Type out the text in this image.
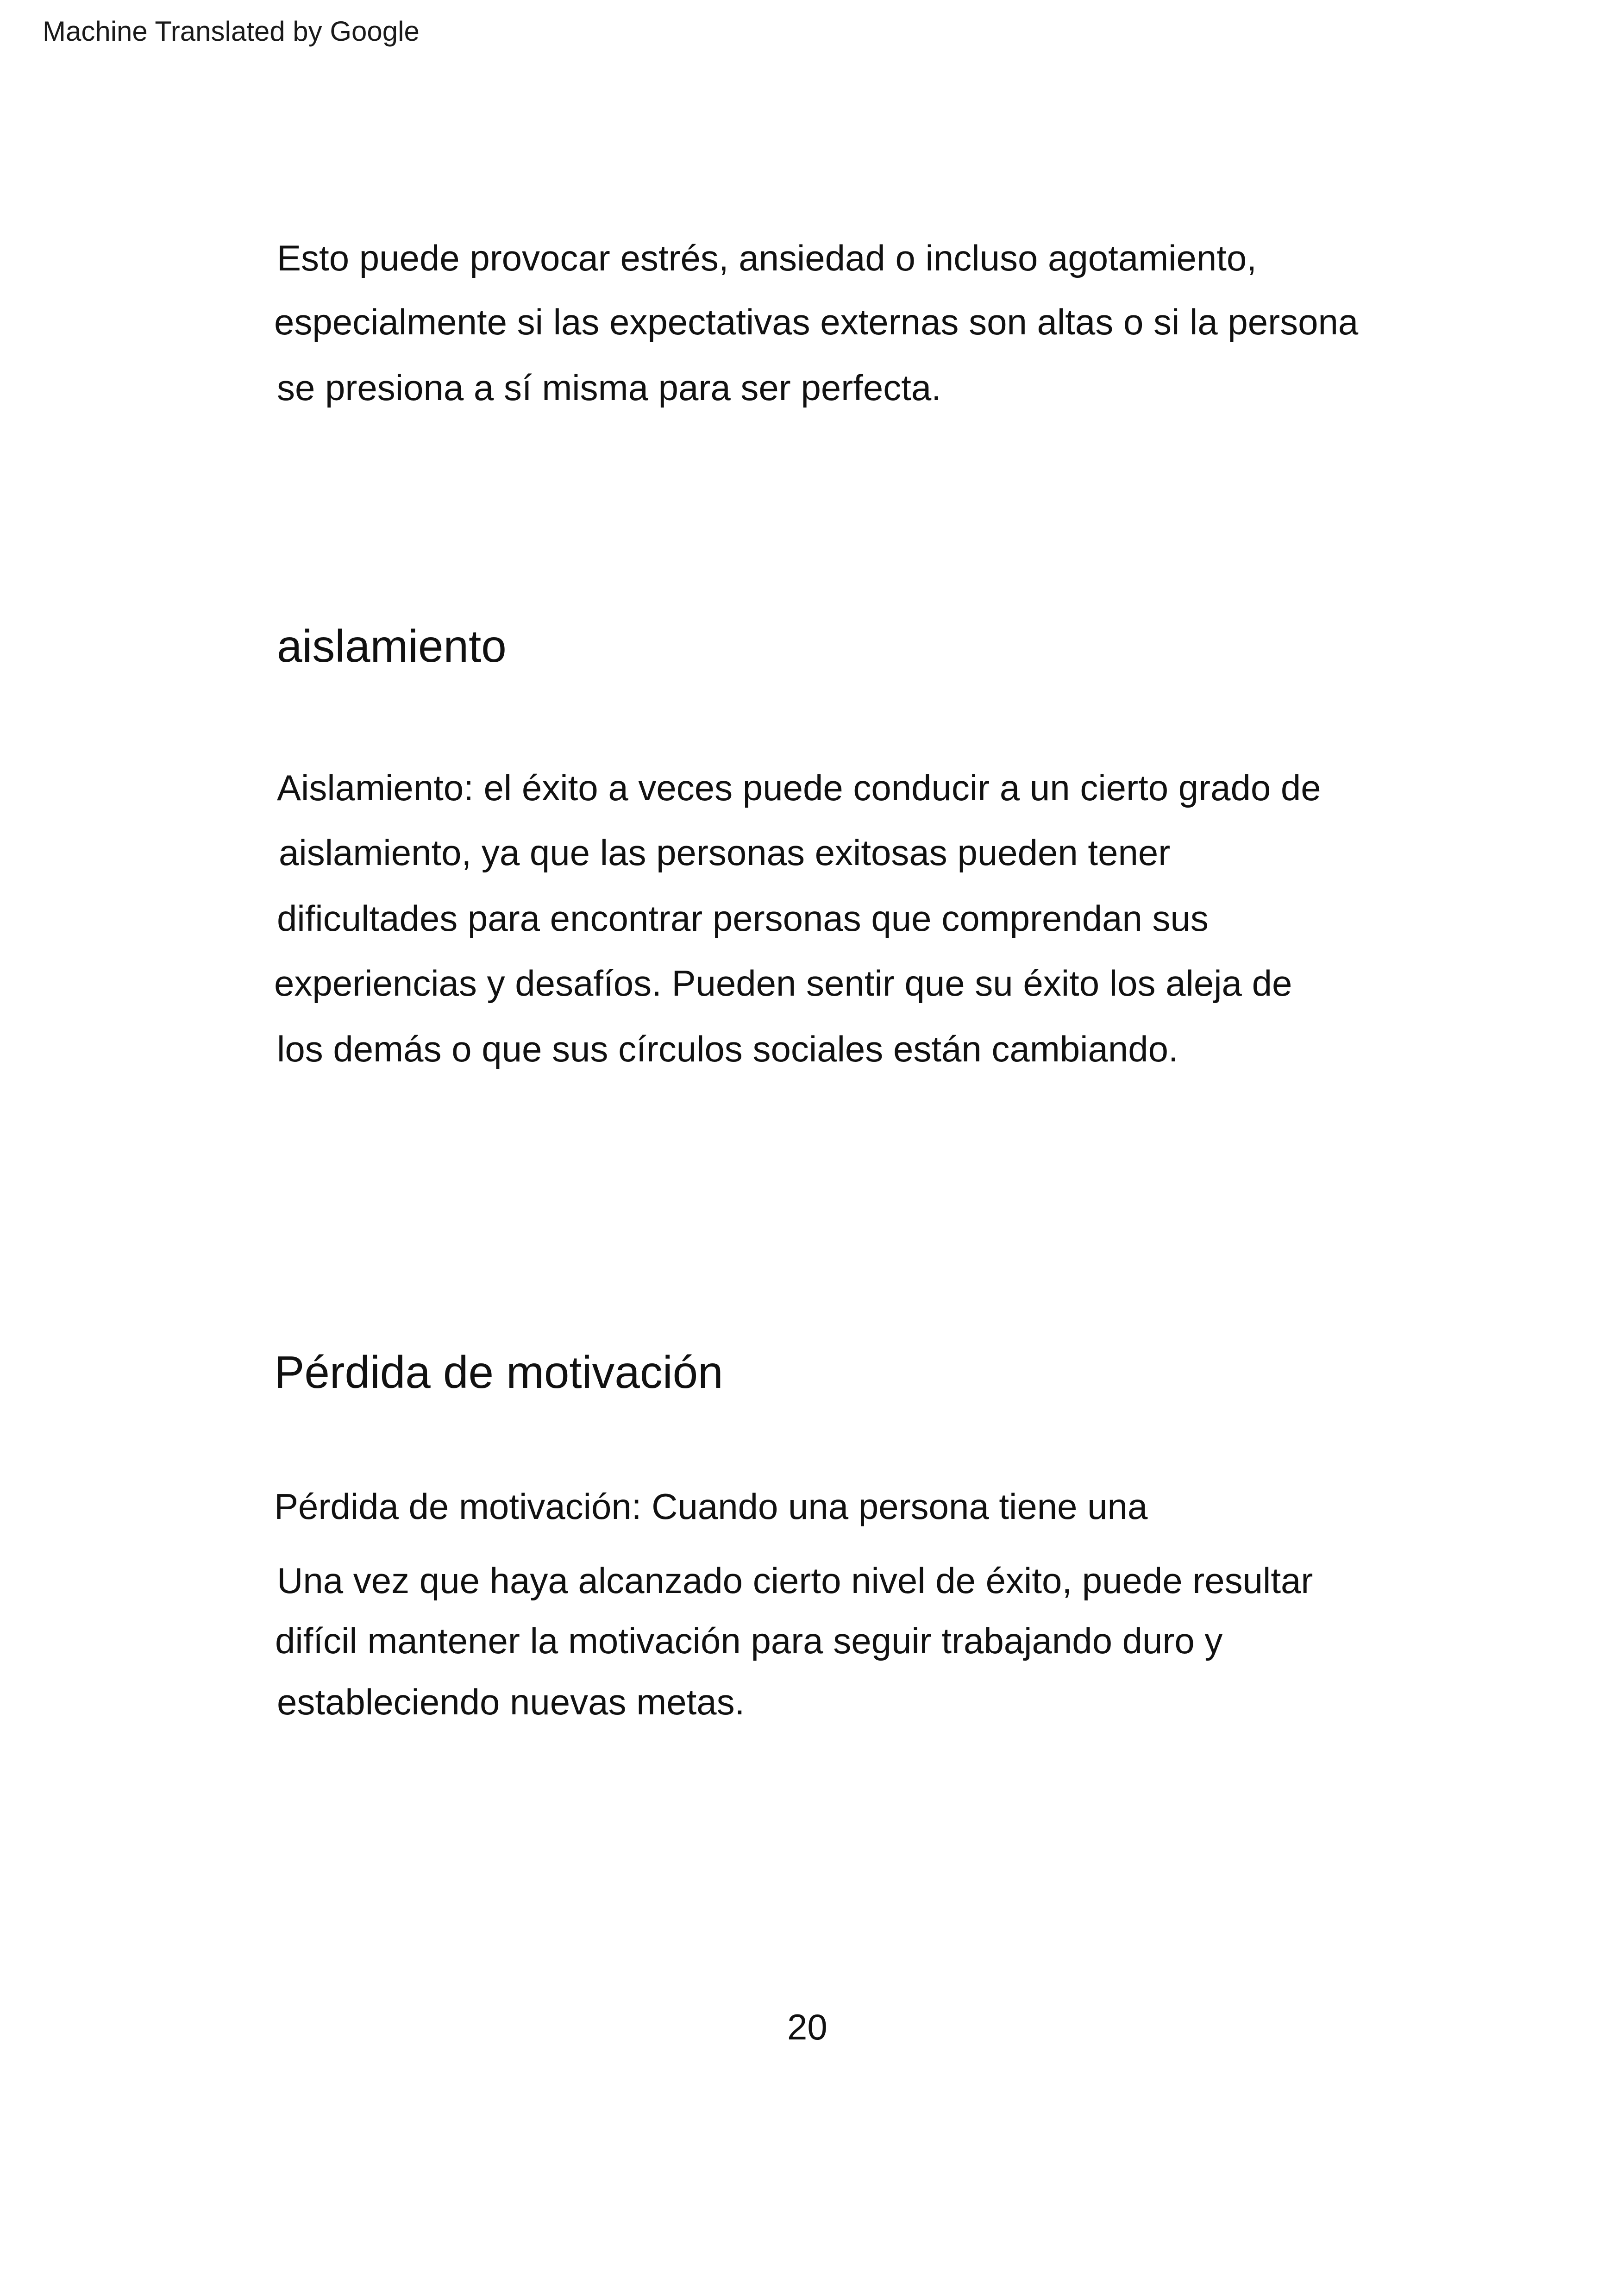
Machine Translated by Google
Esto puede provocar estrés, ansiedad o incluso agotamiento,
especialmente si las expectativas externas son altas o si la persona
se presiona a sí misma para ser perfecta.
aislamiento
Aislamiento: el éxito a veces puede conducir a un cierto grado de
aislamiento, ya que las personas exitosas pueden tener
dificultades para encontrar personas que comprendan sus
experiencias y desafíos. Pueden sentir que su éxito los aleja de
los demás o que sus círculos sociales están cambiando.
Pérdida de motivación
Pérdida de motivación: Cuando una persona tiene una
Una vez que haya alcanzado cierto nivel de éxito, puede resultar
difícil mantener la motivación para seguir trabajando duro y
estableciendo nuevas metas.
20
